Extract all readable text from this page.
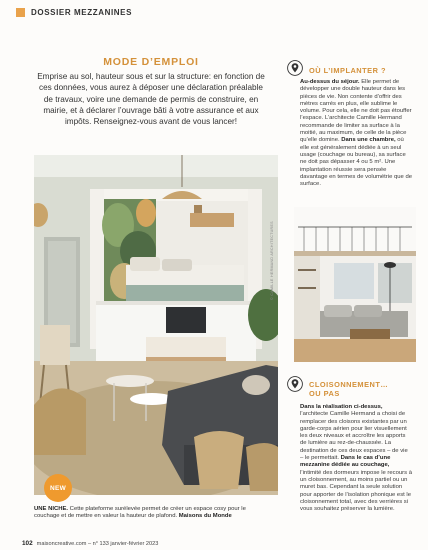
DOSSIER MEZZANINES
MODE D’EMPLOI

Emprise au sol, hauteur sous et sur la structure: en fonction de ces données, vous aurez à déposer une déclaration préalable de travaux, voire une demande de permis de construire, en mairie, et à déclarer l’ouvrage bâti à votre assurance et aux impôts. Renseignez-vous avant de vous lancer!

OÙ L’IMPLANTER ?

Au-dessus du séjour. Elle permet de développer une double hauteur dans les pièces de vie. Non contente d’offrir des mètres carrés en plus, elle sublime le volume. Pour cela, elle ne doit pas étouffer l’espace. L’architecte Camille Hermand recommande de limiter sa surface à la moitié, au maximum, de celle de la pièce qu’elle domine. Dans une chambre, où elle est généralement dédiée à un seul usage (couchage ou bureau), sa surface ne doit pas dépasser 4 ou 5 m². Une implantation réussie sera pensée davantage en termes de volumétrie que de surface.

© CAMILLE HERMAND ARCHITECTURES
CLOISONNEMENT…
OU PAS

Dans la réalisation ci-dessus, l’architecte Camille Hermand a choisi de remplacer des cloisons existantes par un garde-corps aérien pour lier visuellement les deux niveaux et accroître les apports de lumière au rez-de-chaussée. La destination de ces deux espaces – de vie – le permettait. Dans le cas d’une mezzanine dédiée au couchage, l’intimité des dormeurs impose le recours à un cloisonnement, au moins partiel ou un muret bas. Cependant la seule solution pour apporter de l’isolation phonique est le cloisonnement total, avec des verrières si vous souhaitez préserver la lumière.

NEW

UNE NICHE. Cette plateforme surélevée permet de créer un espace cosy pour le couchage et de mettre en valeur la hauteur de plafond. Maisons du Monde

102 maisoncreative.com – n° 133 janvier-février 2023
